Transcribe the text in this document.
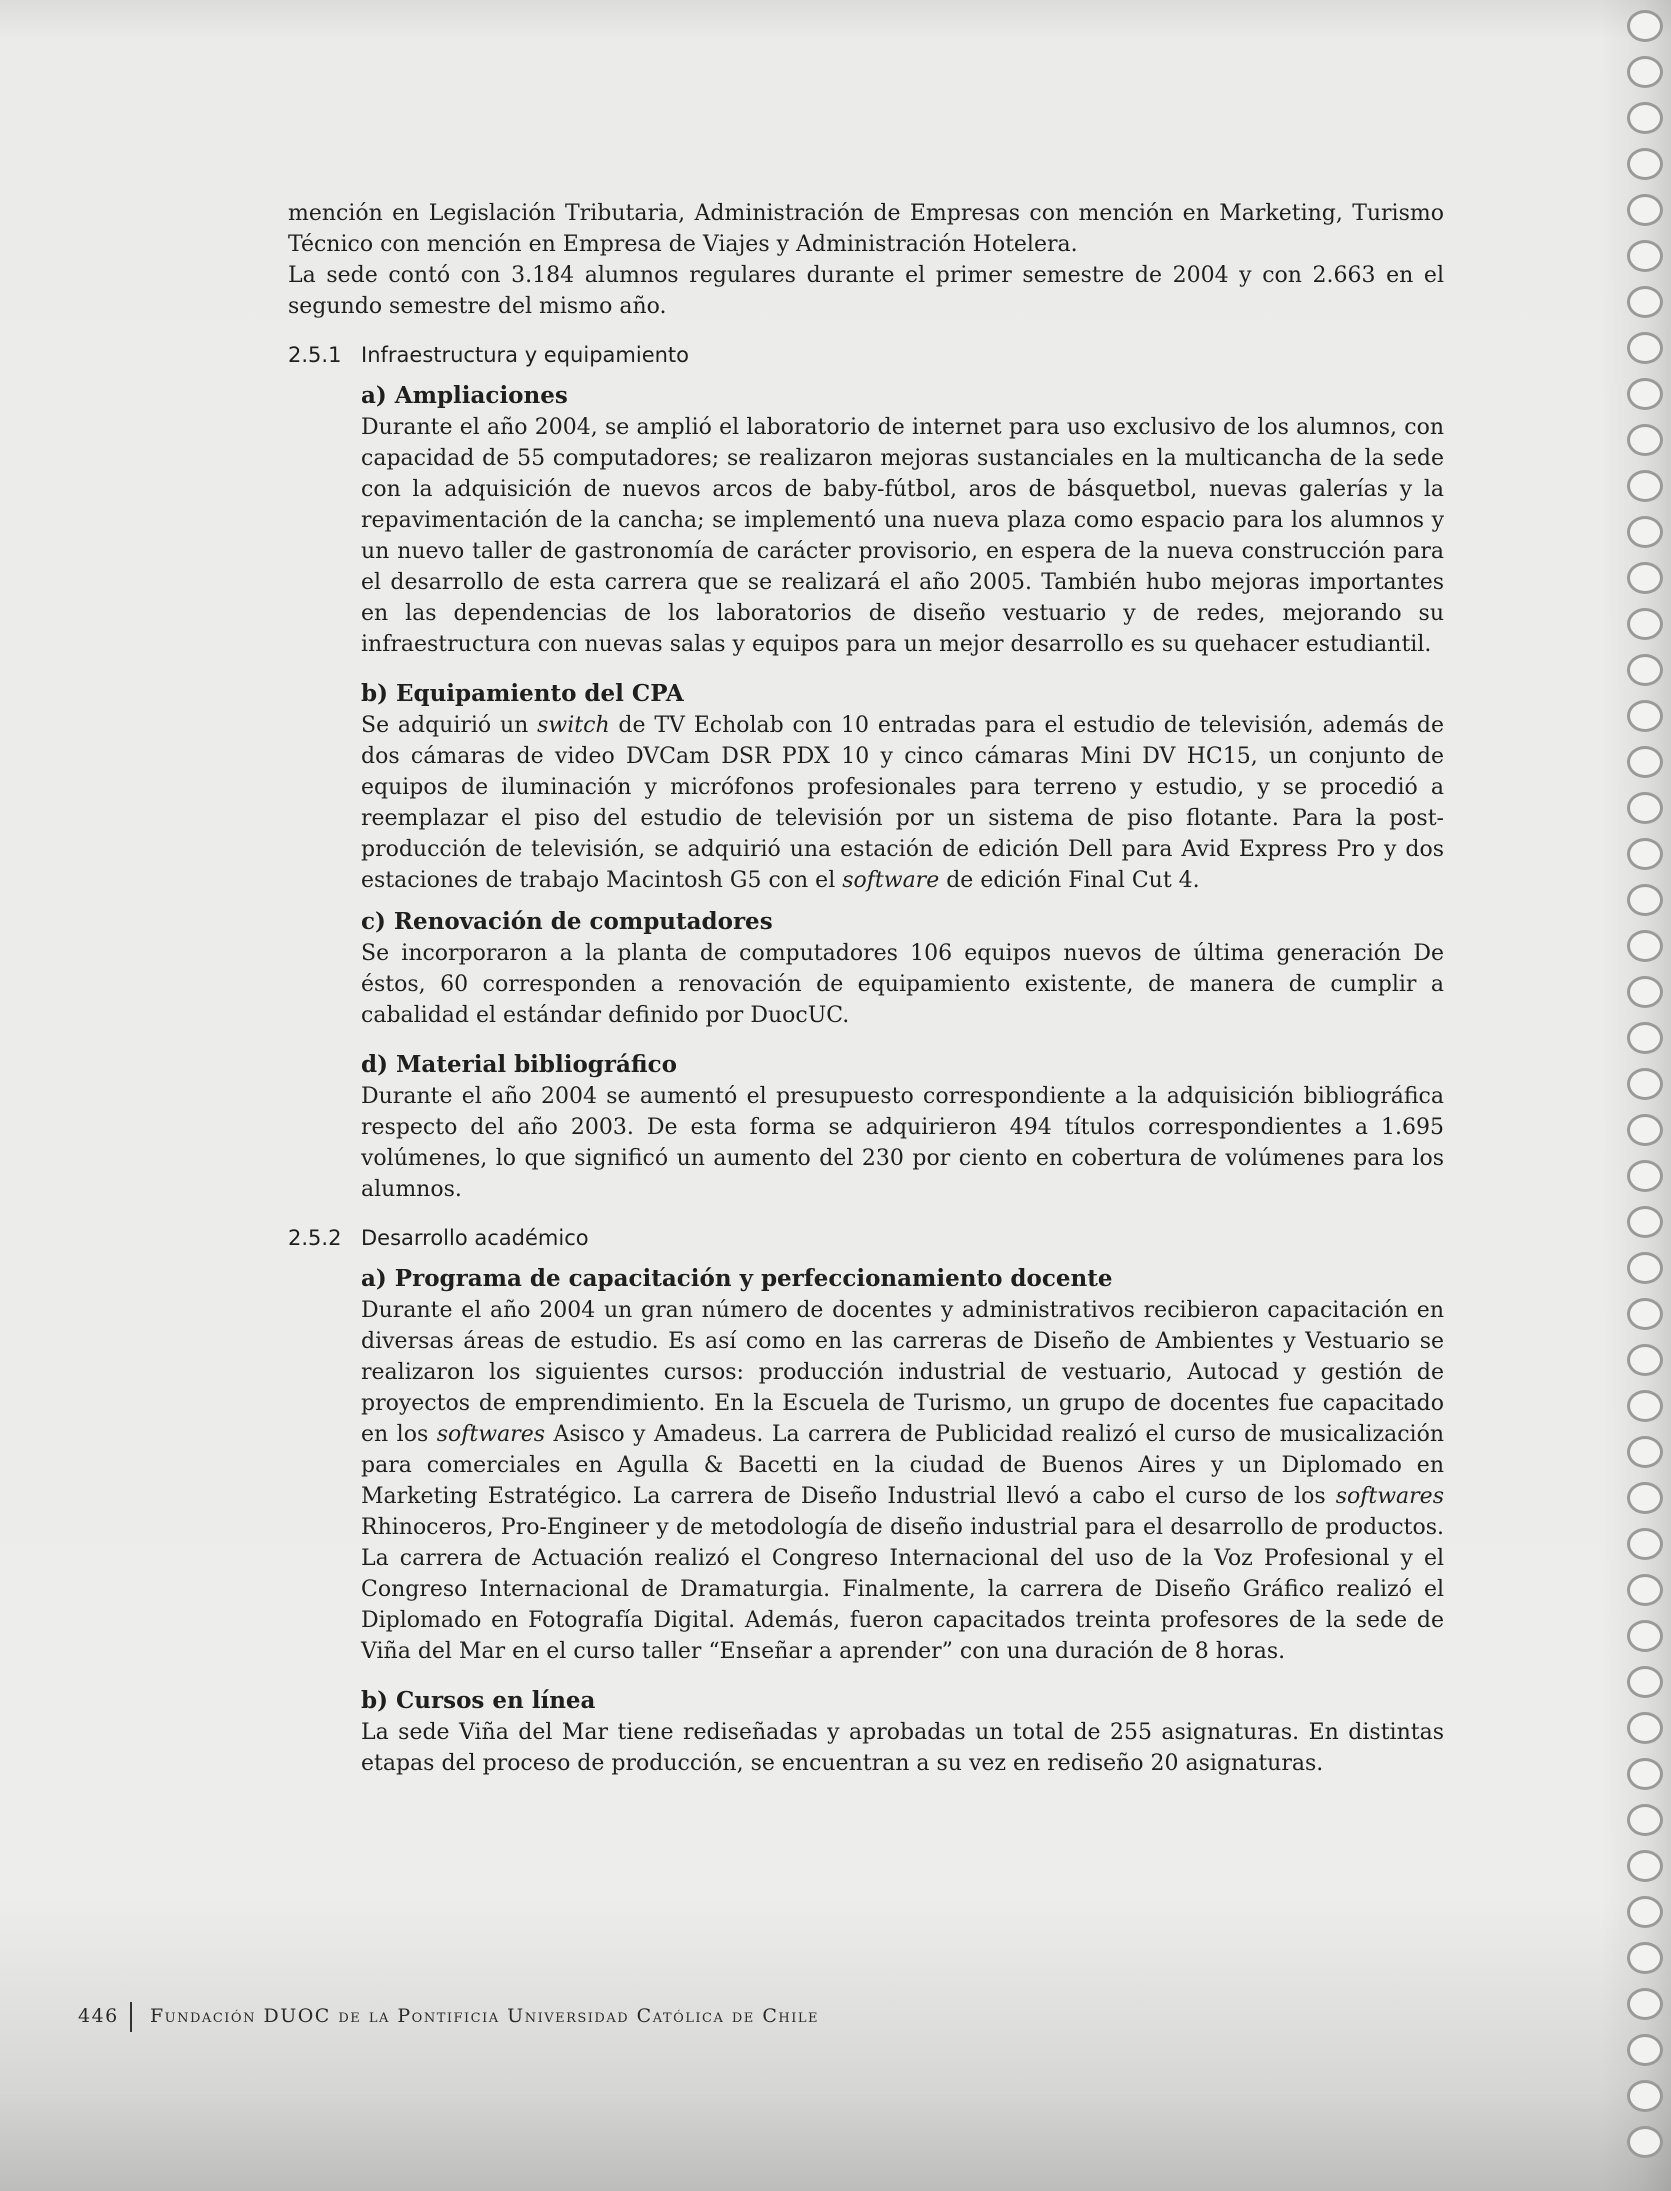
mención en Legislación Tributaria, Administración de Empresas con mención en Marketing, Turismo Técnico con mención en Empresa de Viajes y Administración Hotelera.

La sede contó con 3.184 alumnos regulares durante el primer semestre de 2004 y con 2.663 en el segundo semestre del mismo año.

2.5.1 Infraestructura y equipamiento

a) Ampliaciones

Durante el año 2004, se amplió el laboratorio de internet para uso exclusivo de los alumnos, con capacidad de 55 computadores; se realizaron mejoras sustanciales en la multicancha de la sede con la adquisición de nuevos arcos de baby-fútbol, aros de básquetbol, nuevas galerías y la repavimentación de la cancha; se implementó una nueva plaza como espacio para los alumnos y un nuevo taller de gastronomía de carácter provisorio, en espera de la nueva construcción para el desarrollo de esta carrera que se realizará el año 2005. También hubo mejoras importantes en las dependencias de los laboratorios de diseño vestuario y de redes, mejorando su infraestructura con nuevas salas y equipos para un mejor desarrollo es su quehacer estudiantil.

b) Equipamiento del CPA

Se adquirió un switch de TV Echolab con 10 entradas para el estudio de televisión, además de dos cámaras de video DVCam DSR PDX 10 y cinco cámaras Mini DV HC15, un conjunto de equipos de iluminación y micrófonos profesionales para terreno y estudio, y se procedió a reemplazar el piso del estudio de televisión por un sistema de piso flotante. Para la post-producción de televisión, se adquirió una estación de edición Dell para Avid Express Pro y dos estaciones de trabajo Macintosh G5 con el software de edición Final Cut 4.

c) Renovación de computadores

Se incorporaron a la planta de computadores 106 equipos nuevos de última generación De éstos, 60 corresponden a renovación de equipamiento existente, de manera de cumplir a cabalidad el estándar definido por DuocUC.

d) Material bibliográfico

Durante el año 2004 se aumentó el presupuesto correspondiente a la adquisición bibliográfica respecto del año 2003. De esta forma se adquirieron 494 títulos correspondientes a 1.695 volúmenes, lo que significó un aumento del 230 por ciento en cobertura de volúmenes para los alumnos.

2.5.2 Desarrollo académico

a) Programa de capacitación y perfeccionamiento docente

Durante el año 2004 un gran número de docentes y administrativos recibieron capacitación en diversas áreas de estudio. Es así como en las carreras de Diseño de Ambientes y Vestuario se realizaron los siguientes cursos: producción industrial de vestuario, Autocad y gestión de proyectos de emprendimiento. En la Escuela de Turismo, un grupo de docentes fue capacitado en los softwares Asisco y Amadeus. La carrera de Publicidad realizó el curso de musicalización para comerciales en Agulla & Bacetti en la ciudad de Buenos Aires y un Diplomado en Marketing Estratégico. La carrera de Diseño Industrial llevó a cabo el curso de los softwares Rhinoceros, Pro-Engineer y de metodología de diseño industrial para el desarrollo de productos. La carrera de Actuación realizó el Congreso Internacional del uso de la Voz Profesional y el Congreso Internacional de Dramaturgia. Finalmente, la carrera de Diseño Gráfico realizó el Diplomado en Fotografía Digital. Además, fueron capacitados treinta profesores de la sede de Viña del Mar en el curso taller “Enseñar a aprender” con una duración de 8 horas.

b) Cursos en línea

La sede Viña del Mar tiene rediseñadas y aprobadas un total de 255 asignaturas. En distintas etapas del proceso de producción, se encuentran a su vez en rediseño 20 asignaturas.

446 Fundación DUOC de la Pontificia Universidad Católica de Chile
